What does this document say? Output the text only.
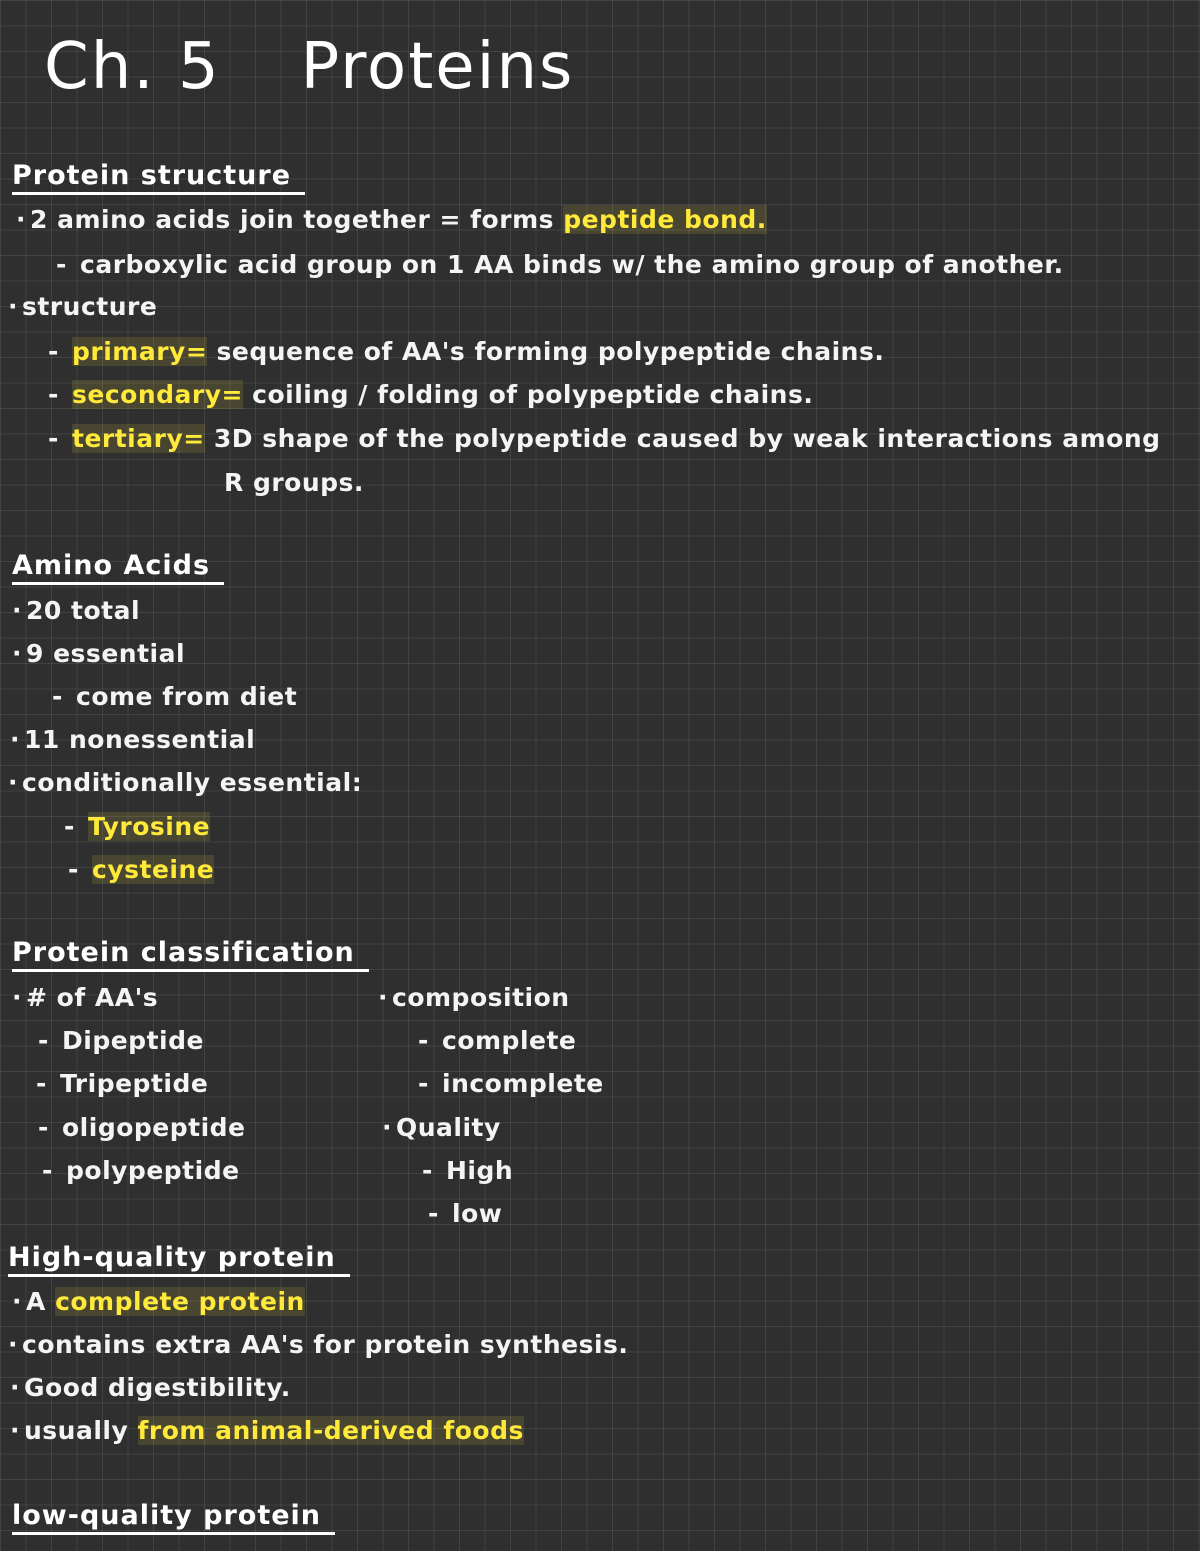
Ch. 5 Proteins
Protein structure
· 2 amino acids join together = forms peptide bond.
- carboxylic acid group on 1 AA binds w/ the amino group of another.
· structure
- primary= sequence of AA's forming polypeptide chains.
- secondary= coiling / folding of polypeptide chains.
- tertiary= 3D shape of the polypeptide caused by weak interactions among
R groups.
Amino Acids
· 20 total
· 9 essential
- come from diet
· 11 nonessential
· conditionally essential:
- Tyrosine
- cysteine
Protein classification
· # of AA's
- Dipeptide
- Tripeptide
- oligopeptide
- polypeptide
· composition
- complete
- incomplete
· Quality
- High
- low
High-quality protein
· A complete protein
· contains extra AA's for protein synthesis.
· Good digestibility.
· usually from animal-derived foods
low-quality protein
